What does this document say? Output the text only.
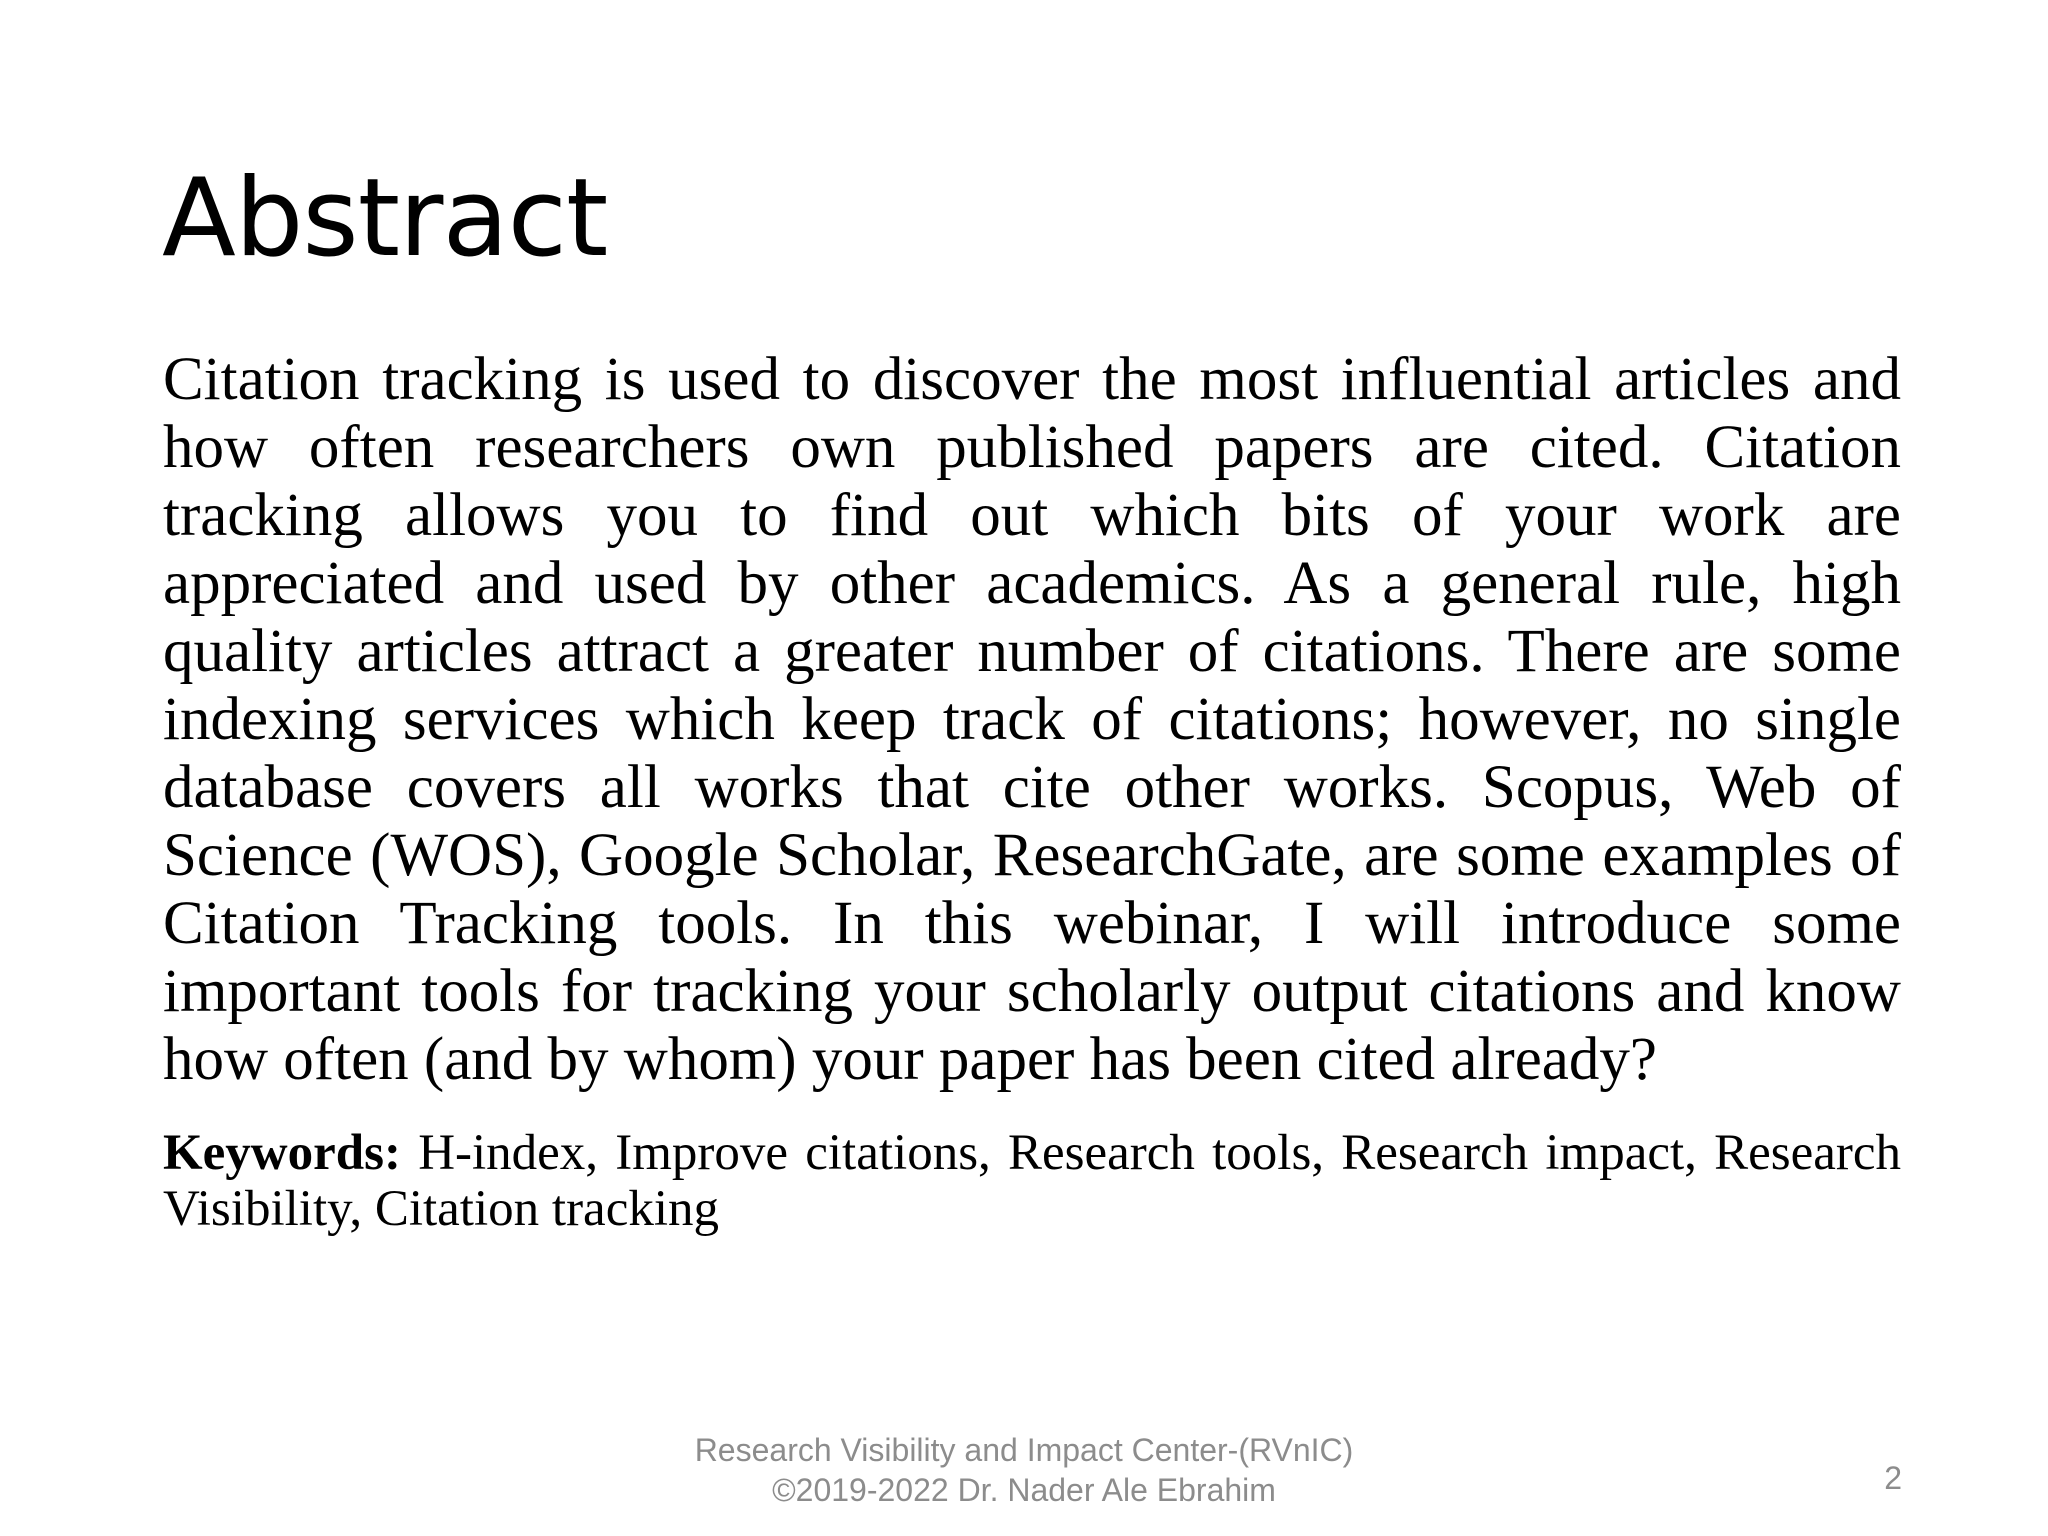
Abstract

Citation tracking is used to discover the most influential articles and how often researchers own published papers are cited. Citation tracking allows you to find out which bits of your work are appreciated and used by other academics. As a general rule, high quality articles attract a greater number of citations. There are some indexing services which keep track of citations; however, no single database covers all works that cite other works. Scopus, Web of Science (WOS), Google Scholar, ResearchGate, are some examples of Citation Tracking tools. In this webinar, I will introduce some important tools for tracking your scholarly output citations and know how often (and by whom) your paper has been cited already?

Keywords: H-index, Improve citations, Research tools, Research impact, Research Visibility, Citation tracking

Research Visibility and Impact Center-(RVnIC)
©2019-2022 Dr. Nader Ale Ebrahim	2
